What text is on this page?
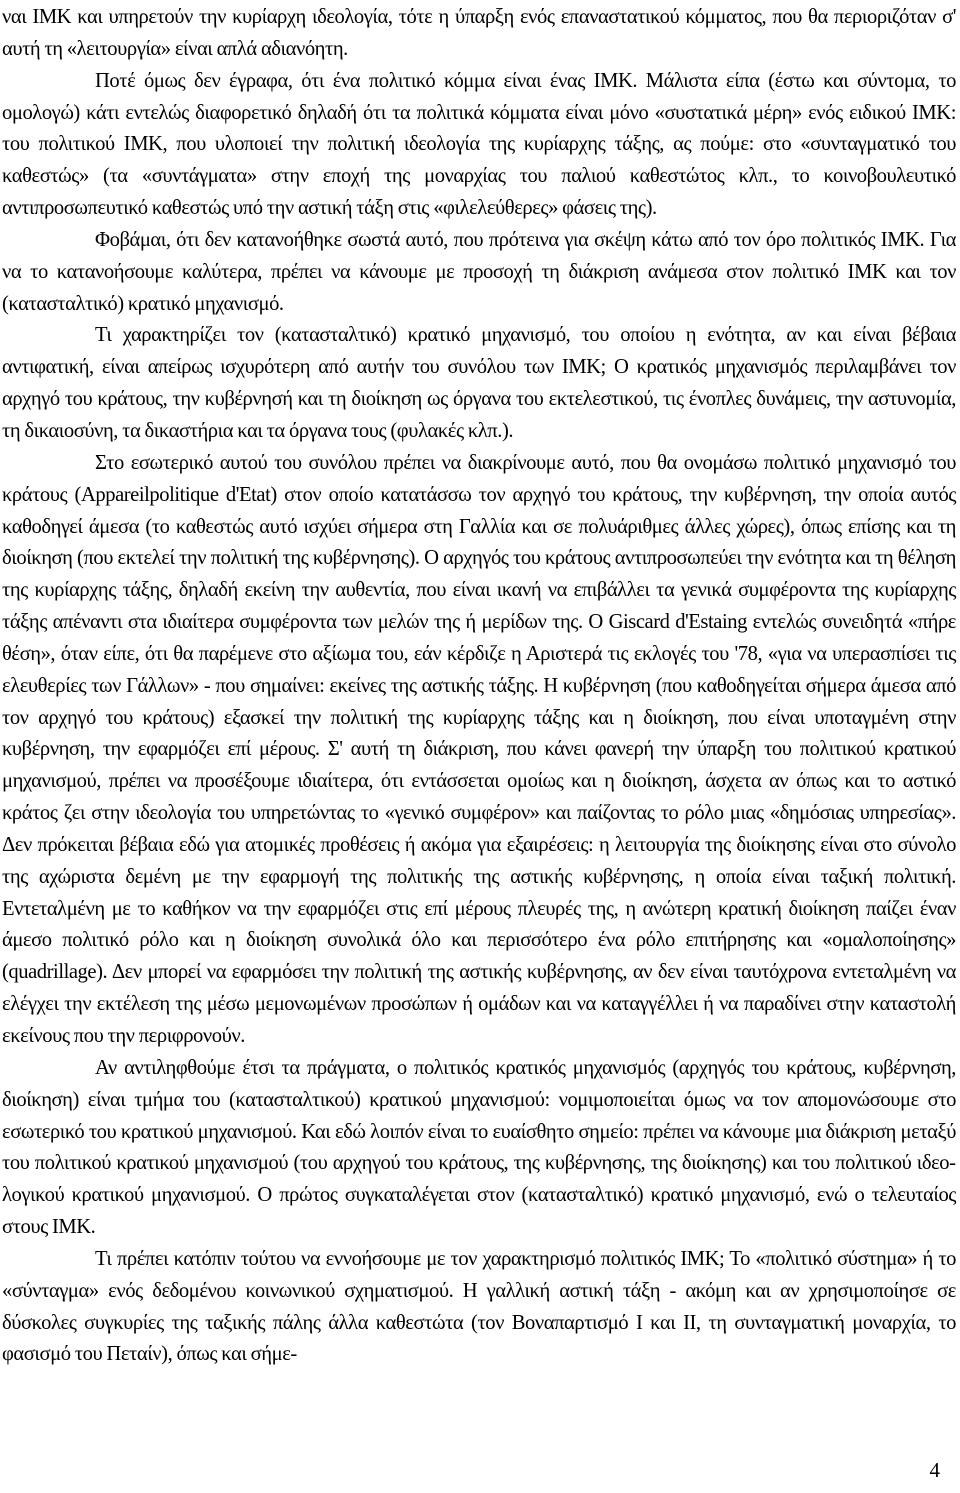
ναι ΙΜΚ και υπηρετούν την κυρίαρχη ιδεολογία, τότε η ύπαρξη ενός επαναστατικού κόμματος, που θα περιοριζόταν σ' αυτή τη «λειτουργία» είναι απλά αδιανόητη.

Ποτέ όμως δεν έγραφα, ότι ένα πολιτικό κόμμα είναι ένας ΙΜΚ. Μάλιστα είπα (έστω και σύντομα, το ομολογώ) κάτι εντελώς διαφορετικό δηλαδή ότι τα πολιτικά κόμματα είναι μόνο «συστατικά μέρη» ενός ειδικού ΙΜΚ: του πολιτικού ΙΜΚ, που υλοποιεί την πολιτική ιδεολογία της κυρίαρχης τάξης, ας πούμε: στο «συνταγματικό του καθεστώς» (τα «συντάγματα» στην εποχή της μοναρχίας του παλιού καθεστώτος κλπ., το κοινοβουλευτικό αντιπροσωπευτικό καθεστώς υπό την αστική τάξη στις «φιλελεύθερες» φάσεις της).

Φοβάμαι, ότι δεν κατανοήθηκε σωστά αυτό, που πρότεινα για σκέψη κάτω από τον όρο πολιτικός ΙΜΚ. Για να το κατανοήσουμε καλύτερα, πρέπει να κάνουμε με προσοχή τη διάκριση ανάμεσα στον πολιτικό ΙΜΚ και τον (κατασταλτικό) κρατικό μηχανισμό.

Τι χαρακτηρίζει τον (κατασταλτικό) κρατικό μηχανισμό, του οποίου η ενότητα, αν και είναι βέβαια αντιφατική, είναι απείρως ισχυρότερη από αυτήν του συνόλου των ΙΜΚ; Ο κρατικός μηχανισμός περιλαμβάνει τον αρχηγό του κράτους, την κυβέρνησή και τη διοίκηση ως όργανα του εκτελεστικού, τις ένοπλες δυνάμεις, την αστυνομία, τη δικαιοσύνη, τα δικαστήρια και τα όργανα τους (φυλακές κλπ.).

Στο εσωτερικό αυτού του συνόλου πρέπει να διακρίνουμε αυτό, που θα ονομάσω πολιτικό μηχανισμό του κράτους (Appareilpolitique d'Etat) στον οποίο κατατάσσω τον αρχηγό του κράτους, την κυβέρνηση, την οποία αυτός καθοδηγεί άμεσα (το καθεστώς αυτό ισχύει σήμερα στη Γαλλία και σε πολυάριθμες άλλες χώρες), όπως επίσης και τη διοίκηση (που εκτελεί την πολιτική της κυβέρνησης). Ο αρχηγός του κράτους αντιπροσωπεύει την ενότητα και τη θέληση της κυρίαρχης τάξης, δηλαδή εκείνη την αυθεντία, που είναι ικανή να επιβάλλει τα γενικά συμφέροντα της κυρίαρχης τάξης απέναντι στα ιδιαίτερα συμφέροντα των μελών της ή μερίδων της. Ο Giscard d'Estaing εντελώς συνειδητά «πήρε θέση», όταν είπε, ότι θα παρέμενε στο αξίωμα του, εάν κέρδιζε η Αριστερά τις εκλογές του '78, «για να υπερασπίσει τις ελευθερίες των Γάλλων» - που σημαίνει: εκείνες της αστικής τάξης. Η κυβέρνηση (που καθοδηγείται σήμερα άμεσα από τον αρχηγό του κράτους) εξασκεί την πολιτική της κυρίαρχης τάξης και η διοίκηση, που είναι υποταγμένη στην κυβέρνηση, την εφαρμόζει επί μέρους. Σ' αυτή τη διάκριση, που κάνει φανερή την ύπαρξη του πολιτικού κρατικού μηχανισμού, πρέπει να προσέξουμε ιδιαίτερα, ότι εντάσσεται ομοίως και η διοίκηση, άσχετα αν όπως και το αστικό κράτος ζει στην ιδεολογία του υπηρετώντας το «γενικό συμφέρον» και παίζοντας το ρόλο μιας «δημόσιας υπηρεσίας». Δεν πρόκειται βέβαια εδώ για ατομικές προθέσεις ή ακόμα για εξαιρέσεις: η λειτουργία της διοίκησης είναι στο σύνολο της αχώριστα δεμένη με την εφαρμογή της πολιτικής της αστικής κυβέρνησης, η οποία είναι ταξική πολιτική. Εντεταλμένη με το καθήκον να την εφαρμόζει στις επί μέρους πλευρές της, η ανώτερη κρατική διοίκηση παίζει έναν άμεσο πολιτικό ρόλο και η διοίκηση συνολικά όλο και περισσότερο ένα ρόλο επιτήρησης και «ομαλοποίησης» (quadrillage). Δεν μπορεί να εφαρμόσει την πολιτική της αστικής κυβέρνησης, αν δεν είναι ταυτόχρονα εντεταλμένη να ελέγχει την εκτέλεση της μέσω μεμονωμένων προσώπων ή ομάδων και να καταγγέλλει ή να παραδίνει στην καταστολή εκείνους που την περιφρονούν.

Αν αντιληφθούμε έτσι τα πράγματα, ο πολιτικός κρατικός μηχανισμός (αρχηγός του κράτους, κυβέρνηση, διοίκηση) είναι τμήμα του (κατασταλτικού) κρατικού μηχανισμού: νομιμοποιείται όμως να τον απομονώσουμε στο εσωτερικό του κρατικού μηχανισμού. Και εδώ λοιπόν είναι το ευαίσθητο σημείο: πρέπει να κάνουμε μια διάκριση μεταξύ του πολιτικού κρατικού μηχανισμού (του αρχηγού του κράτους, της κυβέρνησης, της διοίκησης) και του πολιτικού ιδεολογικού κρατικού μηχανισμού. Ο πρώτος συγκαταλέγεται στον (κατασταλτικό) κρατικό μηχανισμό, ενώ ο τελευταίος στους ΙΜΚ.

Τι πρέπει κατόπιν τούτου να εννοήσουμε με τον χαρακτηρισμό πολιτικός ΙΜΚ; Το «πολιτικό σύστημα» ή το «σύνταγμα» ενός δεδομένου κοινωνικού σχηματισμού. Η γαλλική αστική τάξη - ακόμη και αν χρησιμοποίησε σε δύσκολες συγκυρίες της ταξικής πάλης άλλα καθεστώτα (τον Βοναπαρτισμό Ι και II, τη συνταγματική μοναρχία, το φασισμό του Πεταίν), όπως και σήμε-

4
